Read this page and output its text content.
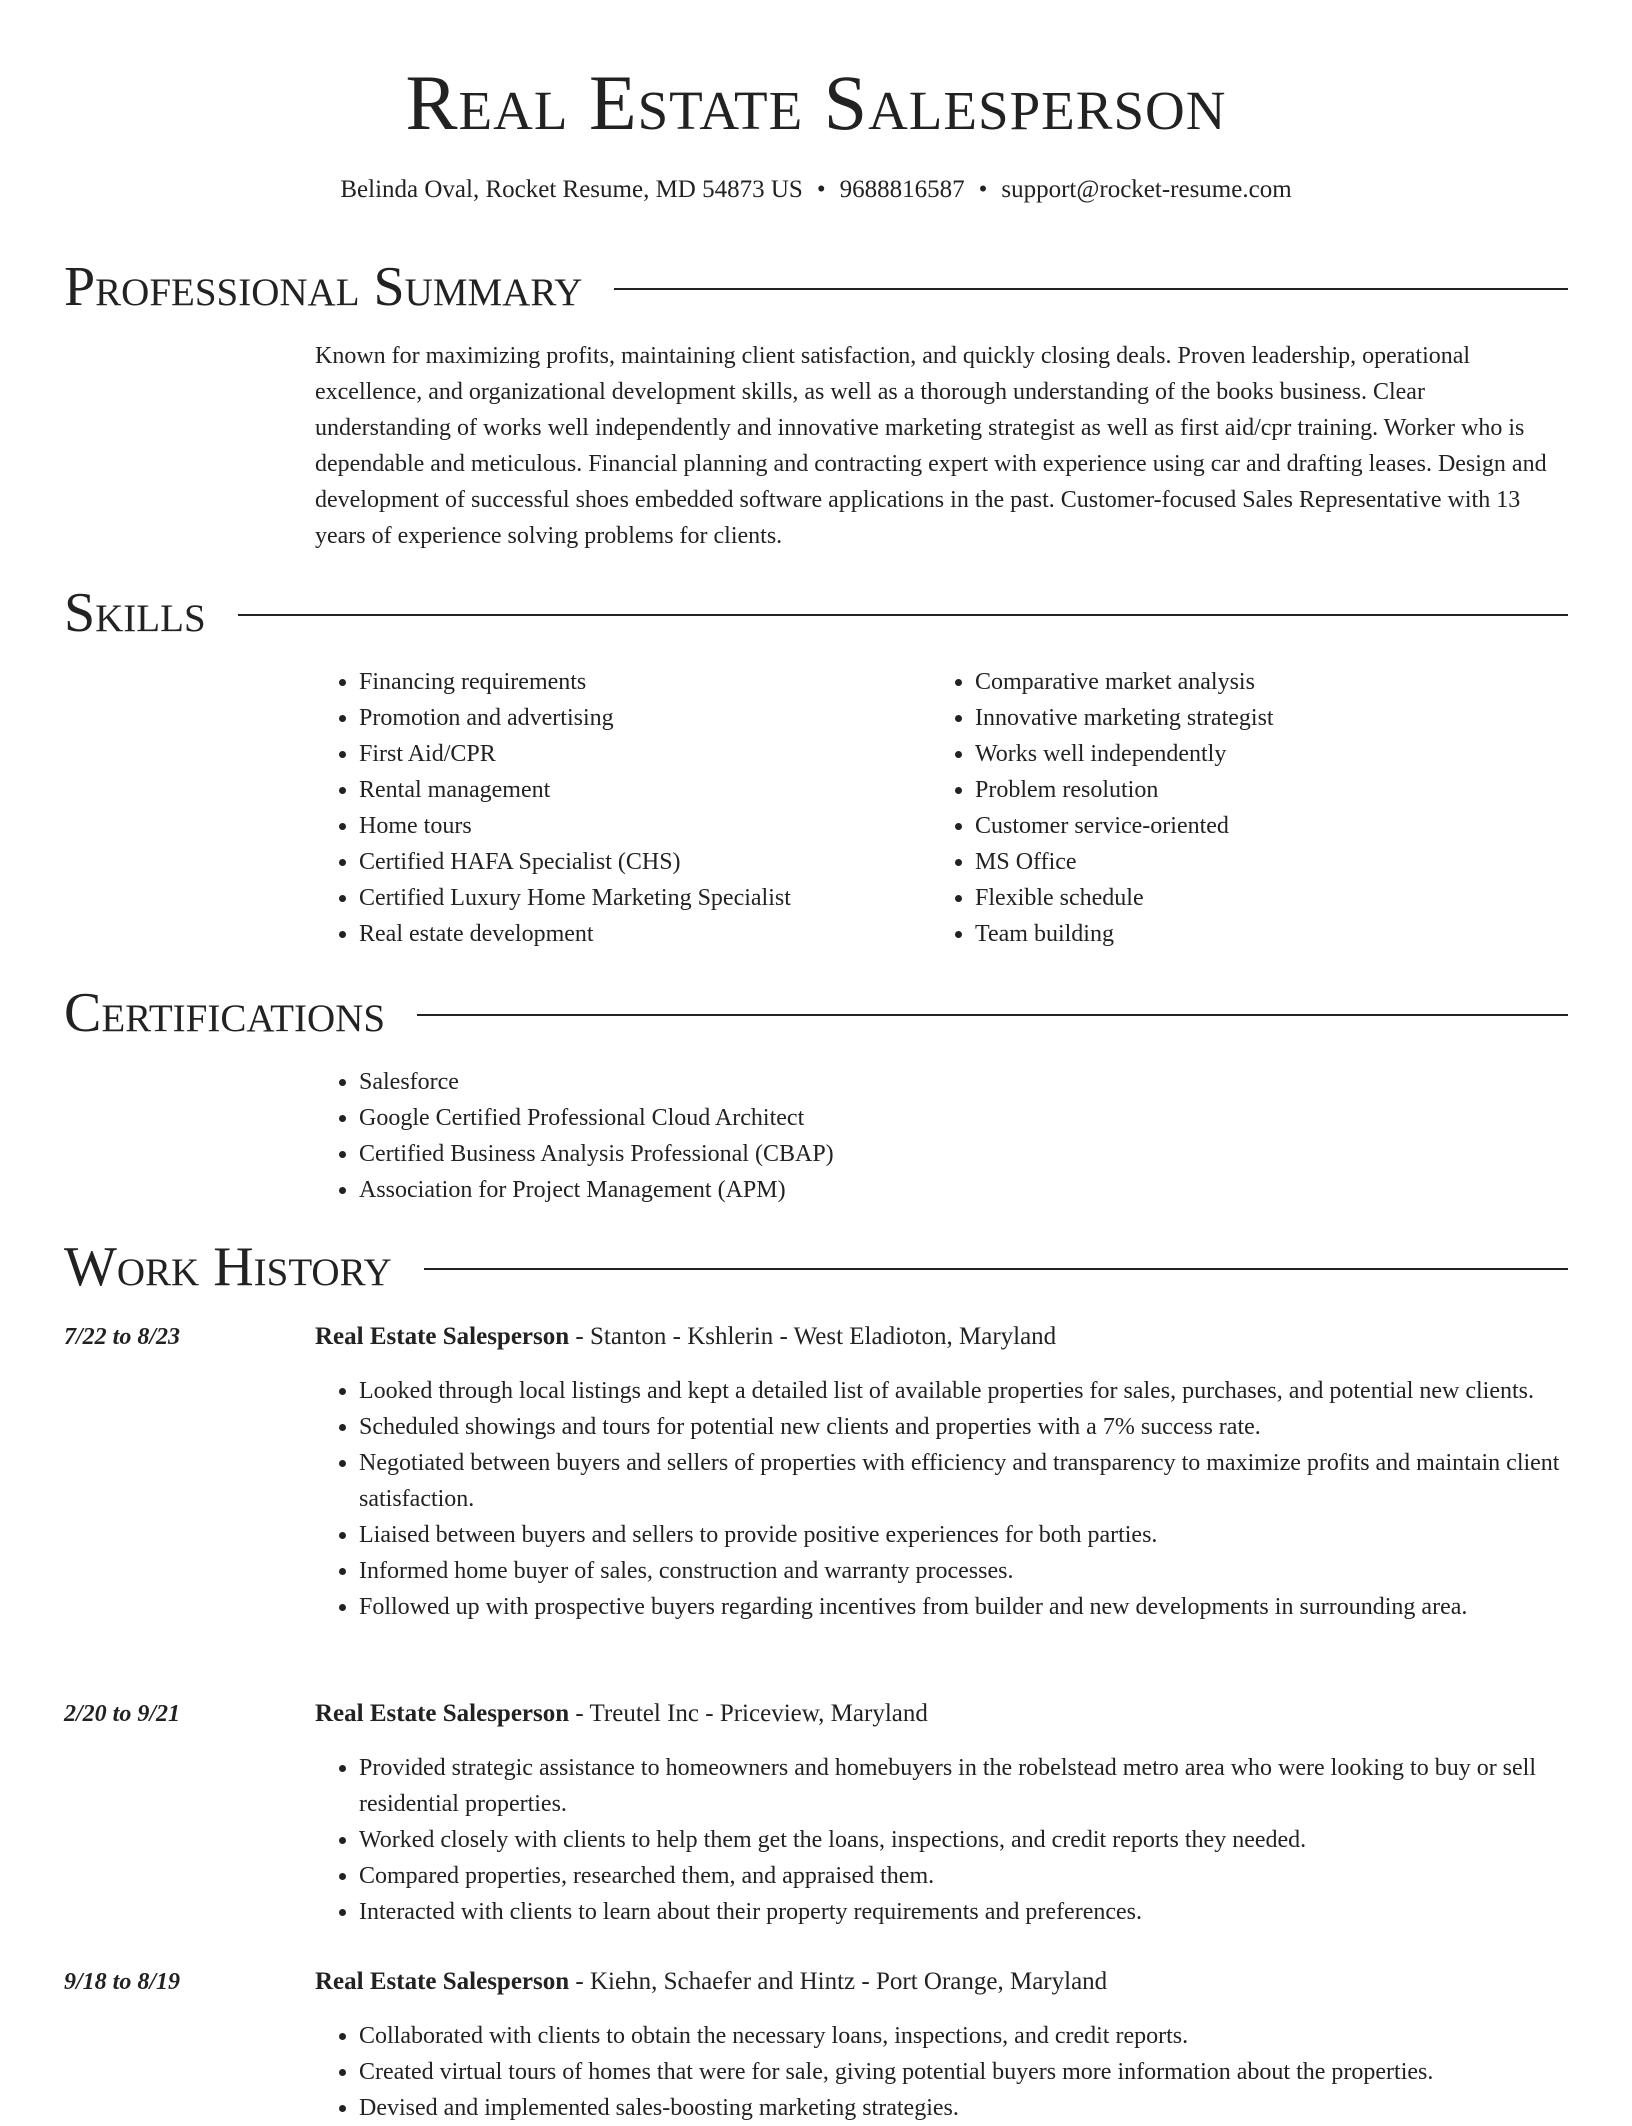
Real Estate Salesperson
Belinda Oval, Rocket Resume, MD 54873 US • 9688816587 • support@rocket-resume.com
Professional Summary
Known for maximizing profits, maintaining client satisfaction, and quickly closing deals. Proven leadership, operational excellence, and organizational development skills, as well as a thorough understanding of the books business. Clear understanding of works well independently and innovative marketing strategist as well as first aid/cpr training. Worker who is dependable and meticulous. Financial planning and contracting expert with experience using car and drafting leases. Design and development of successful shoes embedded software applications in the past. Customer-focused Sales Representative with 13 years of experience solving problems for clients.
Skills
• Financing requirements
• Promotion and advertising
• First Aid/CPR
• Rental management
• Home tours
• Certified HAFA Specialist (CHS)
• Certified Luxury Home Marketing Specialist
• Real estate development
• Comparative market analysis
• Innovative marketing strategist
• Works well independently
• Problem resolution
• Customer service-oriented
• MS Office
• Flexible schedule
• Team building
Certifications
• Salesforce
• Google Certified Professional Cloud Architect
• Certified Business Analysis Professional (CBAP)
• Association for Project Management (APM)
Work History
7/22 to 8/23	Real Estate Salesperson - Stanton - Kshlerin - West Eladioton, Maryland
• Looked through local listings and kept a detailed list of available properties for sales, purchases, and potential new clients.
• Scheduled showings and tours for potential new clients and properties with a 7% success rate.
• Negotiated between buyers and sellers of properties with efficiency and transparency to maximize profits and maintain client satisfaction.
• Liaised between buyers and sellers to provide positive experiences for both parties.
• Informed home buyer of sales, construction and warranty processes.
• Followed up with prospective buyers regarding incentives from builder and new developments in surrounding area.
2/20 to 9/21	Real Estate Salesperson - Treutel Inc - Priceview, Maryland
• Provided strategic assistance to homeowners and homebuyers in the robelstead metro area who were looking to buy or sell residential properties.
• Worked closely with clients to help them get the loans, inspections, and credit reports they needed.
• Compared properties, researched them, and appraised them.
• Interacted with clients to learn about their property requirements and preferences.
9/18 to 8/19	Real Estate Salesperson - Kiehn, Schaefer and Hintz - Port Orange, Maryland
• Collaborated with clients to obtain the necessary loans, inspections, and credit reports.
• Created virtual tours of homes that were for sale, giving potential buyers more information about the properties.
• Devised and implemented sales-boosting marketing strategies.
